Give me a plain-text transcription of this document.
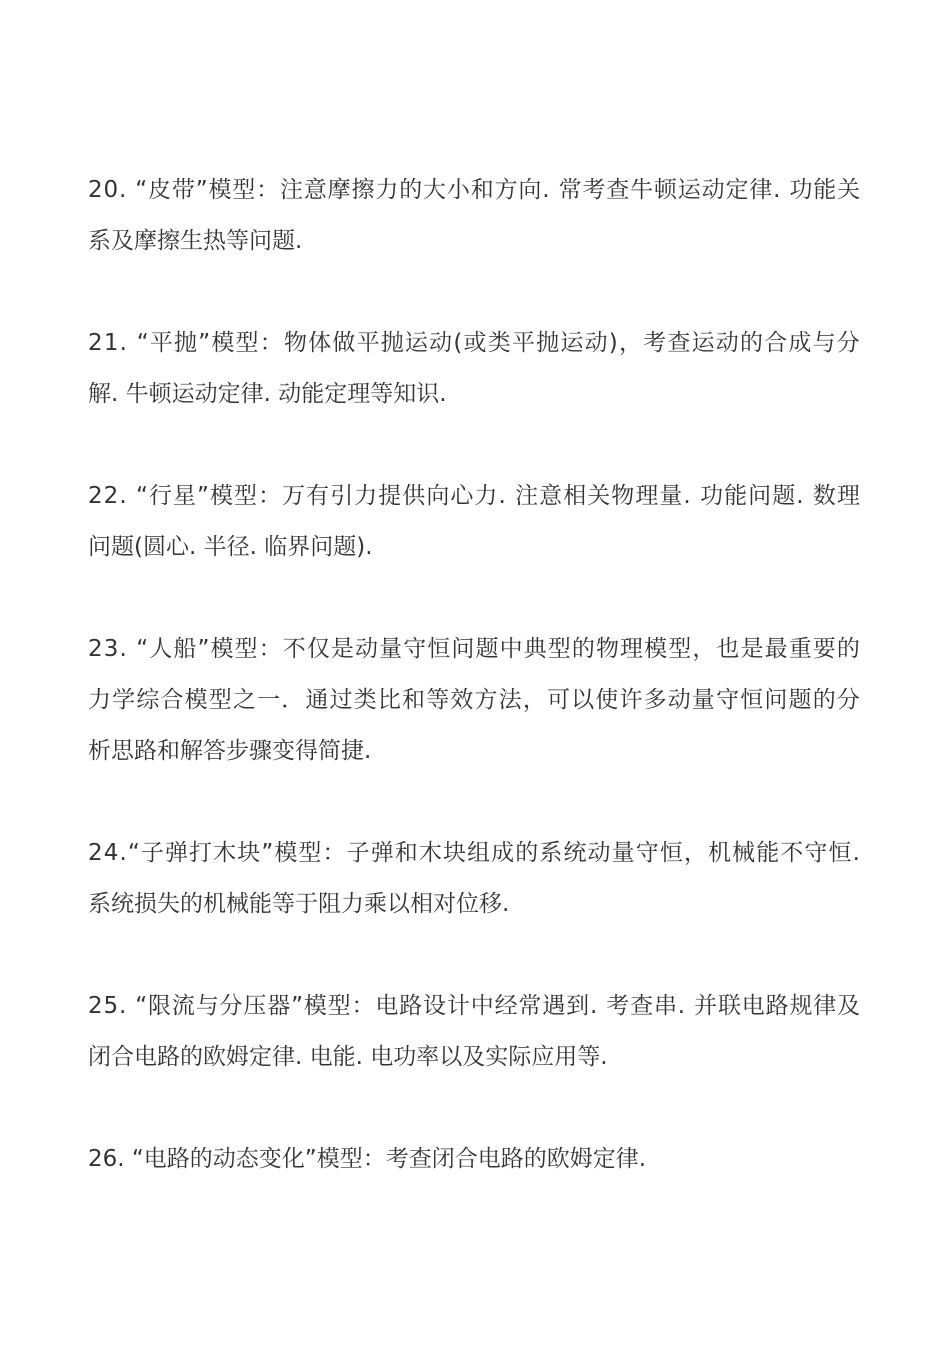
20. “皮带”模型：注意摩擦力的大小和方向. 常考查牛顿运动定律. 功能关
系及摩擦生热等问题.
21. “平抛”模型：物体做平抛运动(或类平抛运动)，考查运动的合成与分
解. 牛顿运动定律. 动能定理等知识.
22. “行星”模型：万有引力提供向心力. 注意相关物理量. 功能问题. 数理
问题(圆心. 半径. 临界问题).
23. “人船”模型：不仅是动量守恒问题中典型的物理模型，也是最重要的
力学综合模型之一．通过类比和等效方法，可以使许多动量守恒问题的分
析思路和解答步骤变得简捷.
24.“子弹打木块”模型：子弹和木块组成的系统动量守恒，机械能不守恒.
系统损失的机械能等于阻力乘以相对位移.
25. “限流与分压器”模型：电路设计中经常遇到. 考查串. 并联电路规律及
闭合电路的欧姆定律. 电能. 电功率以及实际应用等.
26. “电路的动态变化”模型：考查闭合电路的欧姆定律.
